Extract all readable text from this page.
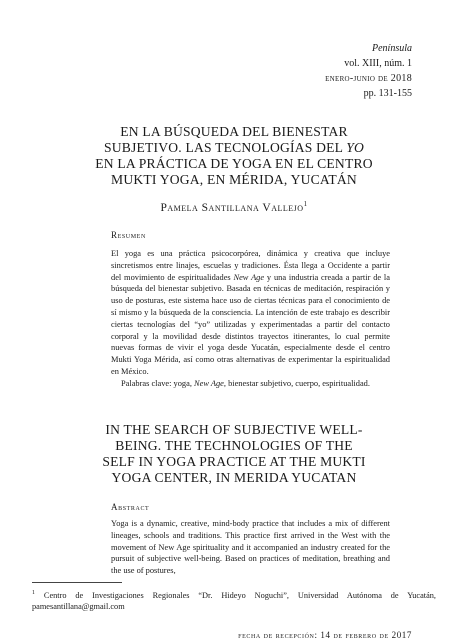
Península
vol. XIII, núm. 1
enero-junio de 2018
pp. 131-155
EN LA BÚSQUEDA DEL BIENESTAR
SUBJETIVO. LAS TECNOLOGÍAS DEL YO
EN LA PRÁCTICA DE YOGA EN EL CENTRO
MUKTI YOGA, EN MÉRIDA, YUCATÁN
Pamela Santillana Vallejo$^1$
Resumen

El yoga es una práctica psicocorpórea, dinámica y creativa que incluye sincretismos entre linajes, escuelas y tradiciones. Ésta llega a Occidente a partir del movimiento de espiritualidades New Age y una industria creada a partir de la búsqueda del bienestar subjetivo. Basada en técnicas de meditación, respiración y uso de posturas, este sistema hace uso de ciertas técnicas para el conocimiento de sí mismo y la búsqueda de la consciencia. La intención de este trabajo es describir ciertas tecnologías del “yo” utilizadas y experimentadas a partir del contacto corporal y la movilidad desde distintos trayectos itinerantes, lo cual permite nuevas formas de vivir el yoga desde Yucatán, especialmente desde el centro Mukti Yoga Mérida, así como otras alternativas de experimentar la espiritualidad en México.

Palabras clave: yoga, New Age, bienestar subjetivo, cuerpo, espiritualidad.

IN THE SEARCH OF SUBJECTIVE WELL-
BEING. THE TECHNOLOGIES OF THE
SELF IN YOGA PRACTICE AT THE MUKTI
YOGA CENTER, IN MERIDA YUCATAN
Abstract

Yoga is a dynamic, creative, mind-body practice that includes a mix of different lineages, schools and traditions. This practice first arrived in the West with the movement of New Age spirituality and it accompanied an industry created for the pursuit of subjective well-being. Based on practices of meditation, breathing and the use of postures,

$^1$ Centro de Investigaciones Regionales “Dr. Hideyo Noguchi”, Universidad Autónoma de Yucatán, pamesantillana@gmail.com
fecha de recepción: 14 de febrero de 2017
